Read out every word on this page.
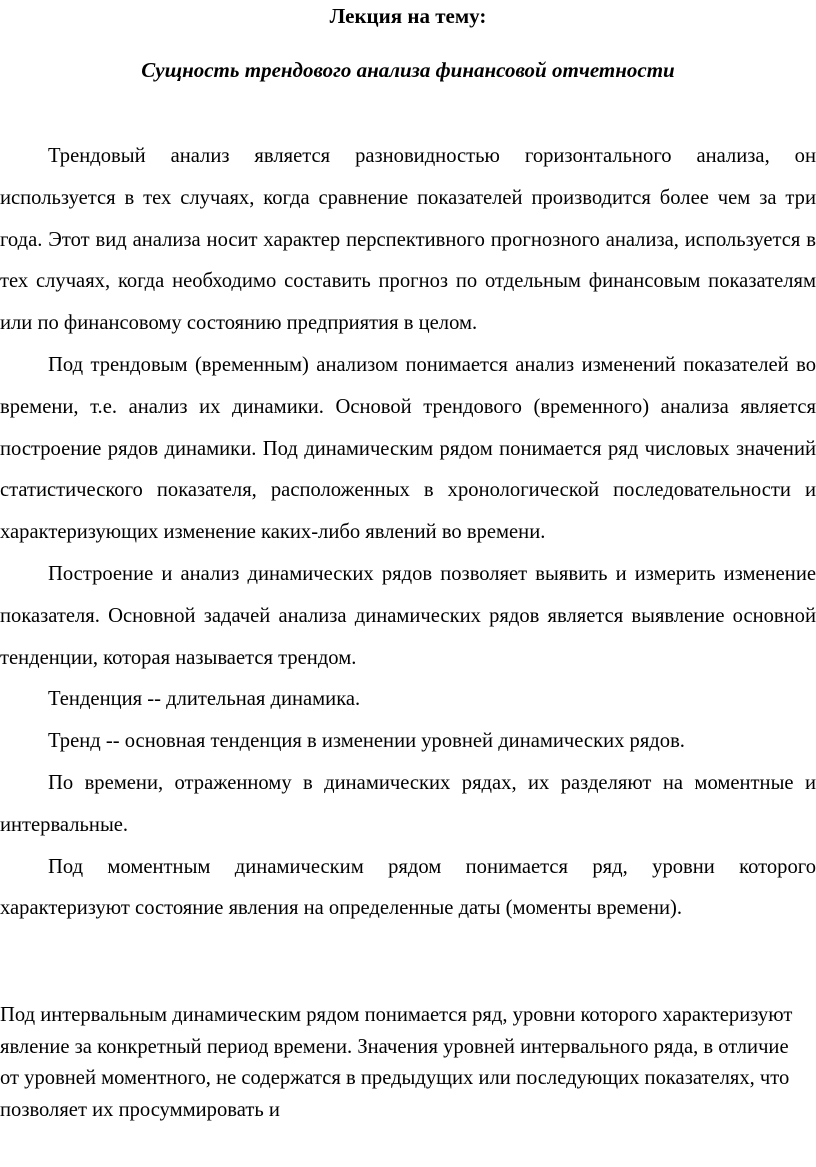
Лекция на тему:
Сущность трендового анализа финансовой отчетности

Трендовый анализ является разновидностью горизонтального анализа, он используется в тех случаях, когда сравнение показателей производится более чем за три года. Этот вид анализа носит характер перспективного прогнозного анализа, используется в тех случаях, когда необходимо составить прогноз по отдельным финансовым показателям или по финансовому состоянию предприятия в целом.

Под трендовым (временным) анализом понимается анализ изменений показателей во времени, т.е. анализ их динамики. Основой трендового (временного) анализа является построение рядов динамики. Под динамическим рядом понимается ряд числовых значений статистического показателя, расположенных в хронологической последовательности и характеризующих изменение каких-либо явлений во времени.

Построение и анализ динамических рядов позволяет выявить и измерить изменение показателя. Основной задачей анализа динамических рядов является выявление основной тенденции, которая называется трендом.

Тенденция -- длительная динамика.

Тренд -- основная тенденция в изменении уровней динамических рядов.

По времени, отраженному в динамических рядах, их разделяют на моментные и интервальные.

Под моментным динамическим рядом понимается ряд, уровни которого характеризуют состояние явления на определенные даты (моменты времени).

Под интервальным динамическим рядом понимается ряд, уровни которого характеризуют явление за конкретный период времени. Значения уровней интервального ряда, в отличие от уровней моментного, не содержатся в предыдущих или последующих показателях, что позволяет их просуммировать и
